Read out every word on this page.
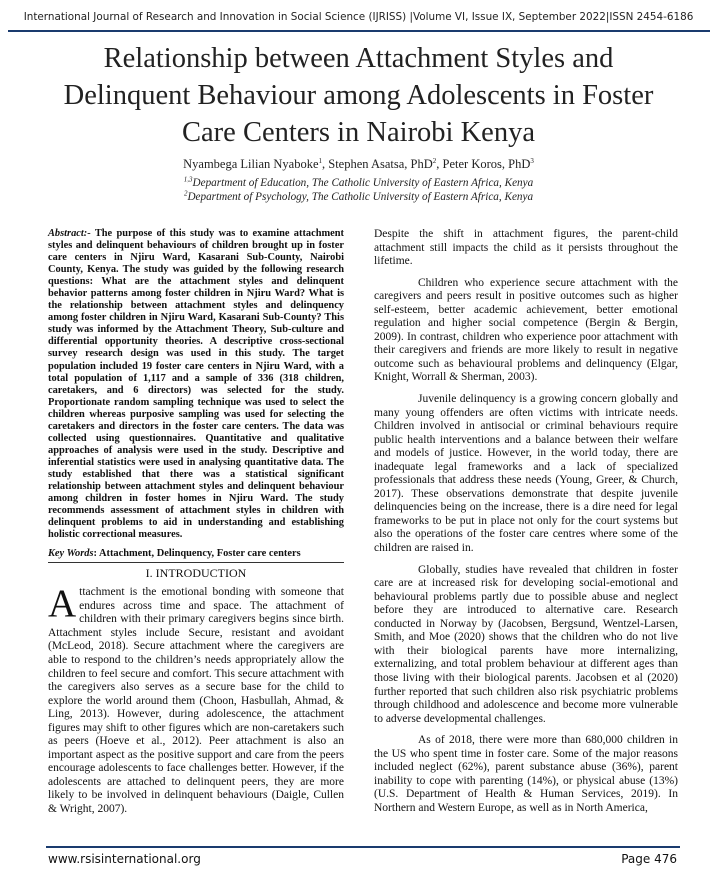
International Journal of Research and Innovation in Social Science (IJRISS) |Volume VI, Issue IX, September 2022|ISSN 2454-6186
Relationship between Attachment Styles and
Delinquent Behaviour among Adolescents in Foster
Care Centers in Nairobi Kenya
Nyambega Lilian Nyaboke$^1$, Stephen Asatsa, PhD$^2$, Peter Koros, PhD$^3$
$^{1,3}$Department of Education, The Catholic University of Eastern Africa, Kenya
$^2$Department of Psychology, The Catholic University of Eastern Africa, Kenya

Abstract:- The purpose of this study was to examine attachment styles and delinquent behaviours of children brought up in foster care centers in Njiru Ward, Kasarani Sub-County, Nairobi County, Kenya. The study was guided by the following research questions: What are the attachment styles and delinquent behavior patterns among foster children in Njiru Ward? What is the relationship between attachment styles and delinquency among foster children in Njiru Ward, Kasarani Sub-County? This study was informed by the Attachment Theory, Sub-culture and differential opportunity theories. A descriptive cross-sectional survey research design was used in this study. The target population included 19 foster care centers in Njiru Ward, with a total population of 1,117 and a sample of 336 (318 children, caretakers, and 6 directors) was selected for the study. Proportionate random sampling technique was used to select the children whereas purposive sampling was used for selecting the caretakers and directors in the foster care centers. The data was collected using questionnaires. Quantitative and qualitative approaches of analysis were used in the study. Descriptive and inferential statistics were used in analysing quantitative data. The study established that there was a statistical significant relationship between attachment styles and delinquent behaviour among children in foster homes in Njiru Ward. The study recommends assessment of attachment styles in children with delinquent problems to aid in understanding and establishing holistic correctional measures.

Key Words: Attachment, Delinquency, Foster care centers
I. INTRODUCTION

Attachment is the emotional bonding with someone that endures across time and space. The attachment of children with their primary caregivers begins since birth. Attachment styles include Secure, resistant and avoidant (McLeod, 2018). Secure attachment where the caregivers are able to respond to the children’s needs appropriately allow the children to feel secure and comfort. This secure attachment with the caregivers also serves as a secure base for the child to explore the world around them (Choon, Hasbullah, Ahmad, & Ling, 2013). However, during adolescence, the attachment figures may shift to other figures which are non-caretakers such as peers (Hoeve et al., 2012). Peer attachment is also an important aspect as the positive support and care from the peers encourage adolescents to face challenges better. However, if the adolescents are attached to delinquent peers, they are more likely to be involved in delinquent behaviours (Daigle, Cullen & Wright, 2007).

Despite the shift in attachment figures, the parent-child attachment still impacts the child as it persists throughout the lifetime.

Children who experience secure attachment with the caregivers and peers result in positive outcomes such as higher self-esteem, better academic achievement, better emotional regulation and higher social competence (Bergin & Bergin, 2009). In contrast, children who experience poor attachment with their caregivers and friends are more likely to result in negative outcome such as behavioural problems and delinquency (Elgar, Knight, Worrall & Sherman, 2003).

Juvenile delinquency is a growing concern globally and many young offenders are often victims with intricate needs. Children involved in antisocial or criminal behaviours require public health interventions and a balance between their welfare and models of justice. However, in the world today, there are inadequate legal frameworks and a lack of specialized professionals that address these needs (Young, Greer, & Church, 2017). These observations demonstrate that despite juvenile delinquencies being on the increase, there is a dire need for legal frameworks to be put in place not only for the court systems but also the operations of the foster care centres where some of the children are raised in.

Globally, studies have revealed that children in foster care are at increased risk for developing social-emotional and behavioural problems partly due to possible abuse and neglect before they are introduced to alternative care. Research conducted in Norway by (Jacobsen, Bergsund, Wentzel-Larsen, Smith, and Moe (2020) shows that the children who do not live with their biological parents have more internalizing, externalizing, and total problem behaviour at different ages than those living with their biological parents. Jacobsen et al (2020) further reported that such children also risk psychiatric problems through childhood and adolescence and become more vulnerable to adverse developmental challenges.

As of 2018, there were more than 680,000 children in the US who spent time in foster care. Some of the major reasons included neglect (62%), parent substance abuse (36%), parent inability to cope with parenting (14%), or physical abuse (13%) (U.S. Department of Health & Human Services, 2019). In Northern and Western Europe, as well as in North America,

www.rsisinternational.org	Page 476
